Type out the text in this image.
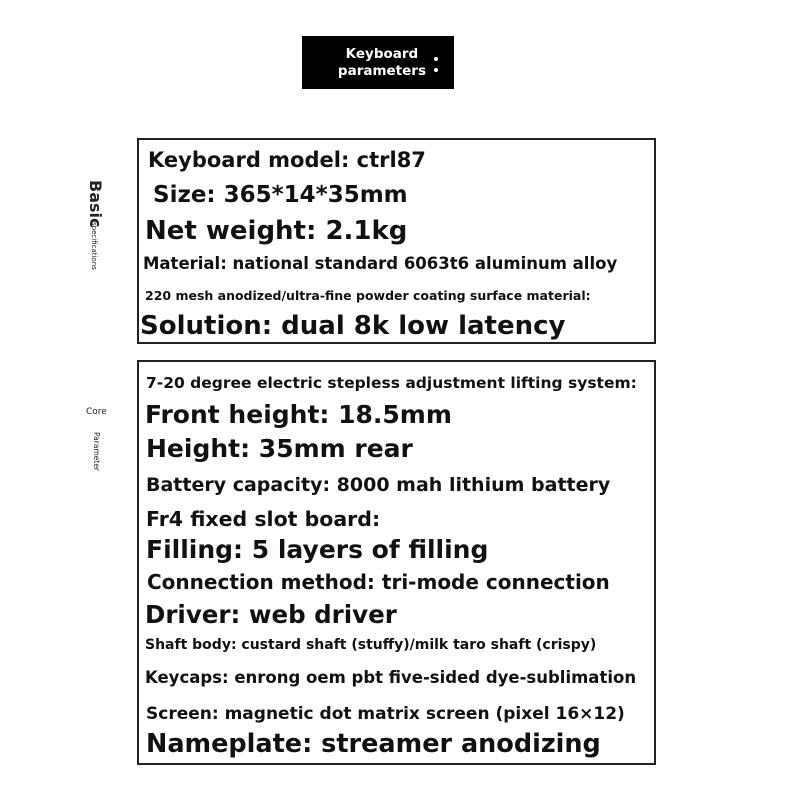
Keyboard
parameters
Basic
specifications
Keyboard model: ctrl87
Size: 365*14*35mm
Net weight: 2.1kg
Material: national standard 6063t6 aluminum alloy
220 mesh anodized/ultra-fine powder coating surface material:
Solution: dual 8k low latency
Core
Parameter
7-20 degree electric stepless adjustment lifting system:
Front height: 18.5mm
Height: 35mm rear
Battery capacity: 8000 mah lithium battery
Fr4 fixed slot board:
Filling: 5 layers of filling
Connection method: tri-mode connection
Driver: web driver
Shaft body: custard shaft (stuffy)/milk taro shaft (crispy)
Keycaps: enrong oem pbt five-sided dye-sublimation
Screen: magnetic dot matrix screen (pixel 16×12)
Nameplate: streamer anodizing
